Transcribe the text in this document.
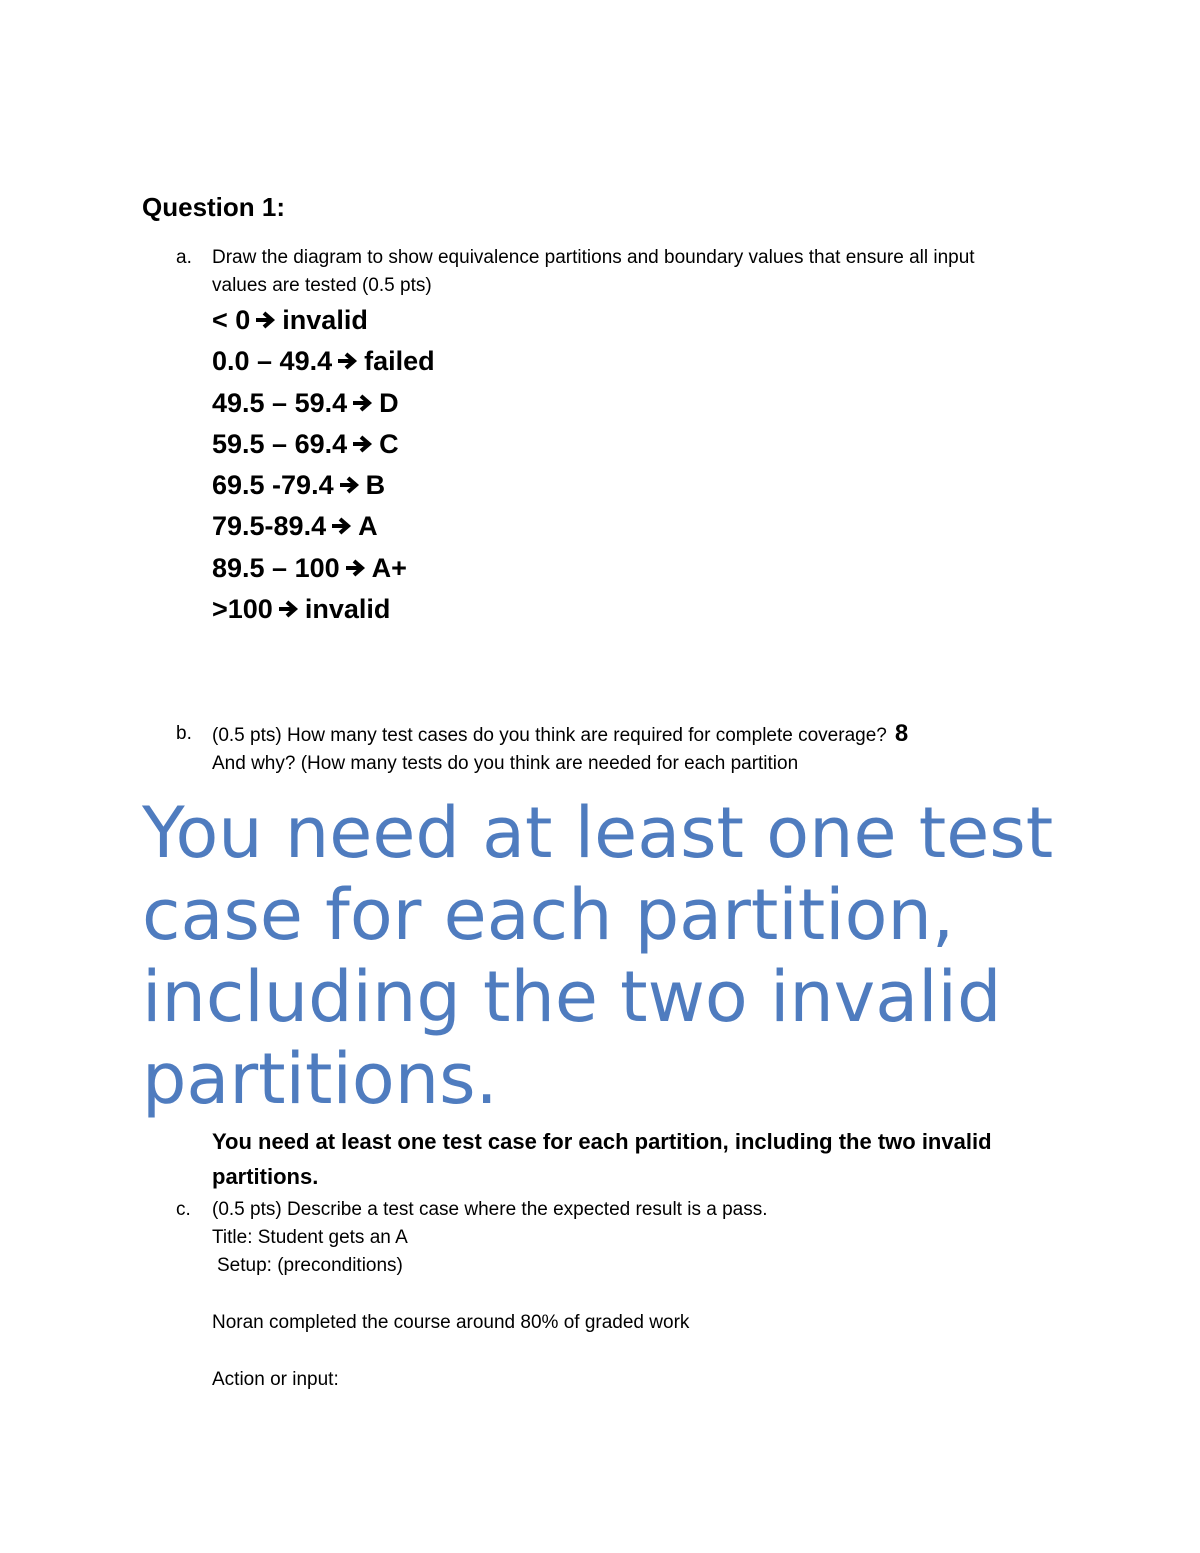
Question 1:
a. Draw the diagram to show equivalence partitions and boundary values that ensure all input
values are tested (0.5 pts)
< 0 invalid
0.0 – 49.4 failed
49.5 – 59.4 D
59.5 – 69.4 C
69.5 -79.4 B
79.5-89.4 A
89.5 – 100 A+
>100 invalid
b. (0.5 pts) How many test cases do you think are required for complete coverage? 8
And why? (How many tests do you think are needed for each partition

You need at least one test case for each partition, including the two invalid partitions.

You need at least one test case for each partition, including the two invalid partitions.

c. (0.5 pts) Describe a test case where the expected result is a pass.
Title: Student gets an A
Setup: (preconditions)
Noran completed the course around 80% of graded work
Action or input:
